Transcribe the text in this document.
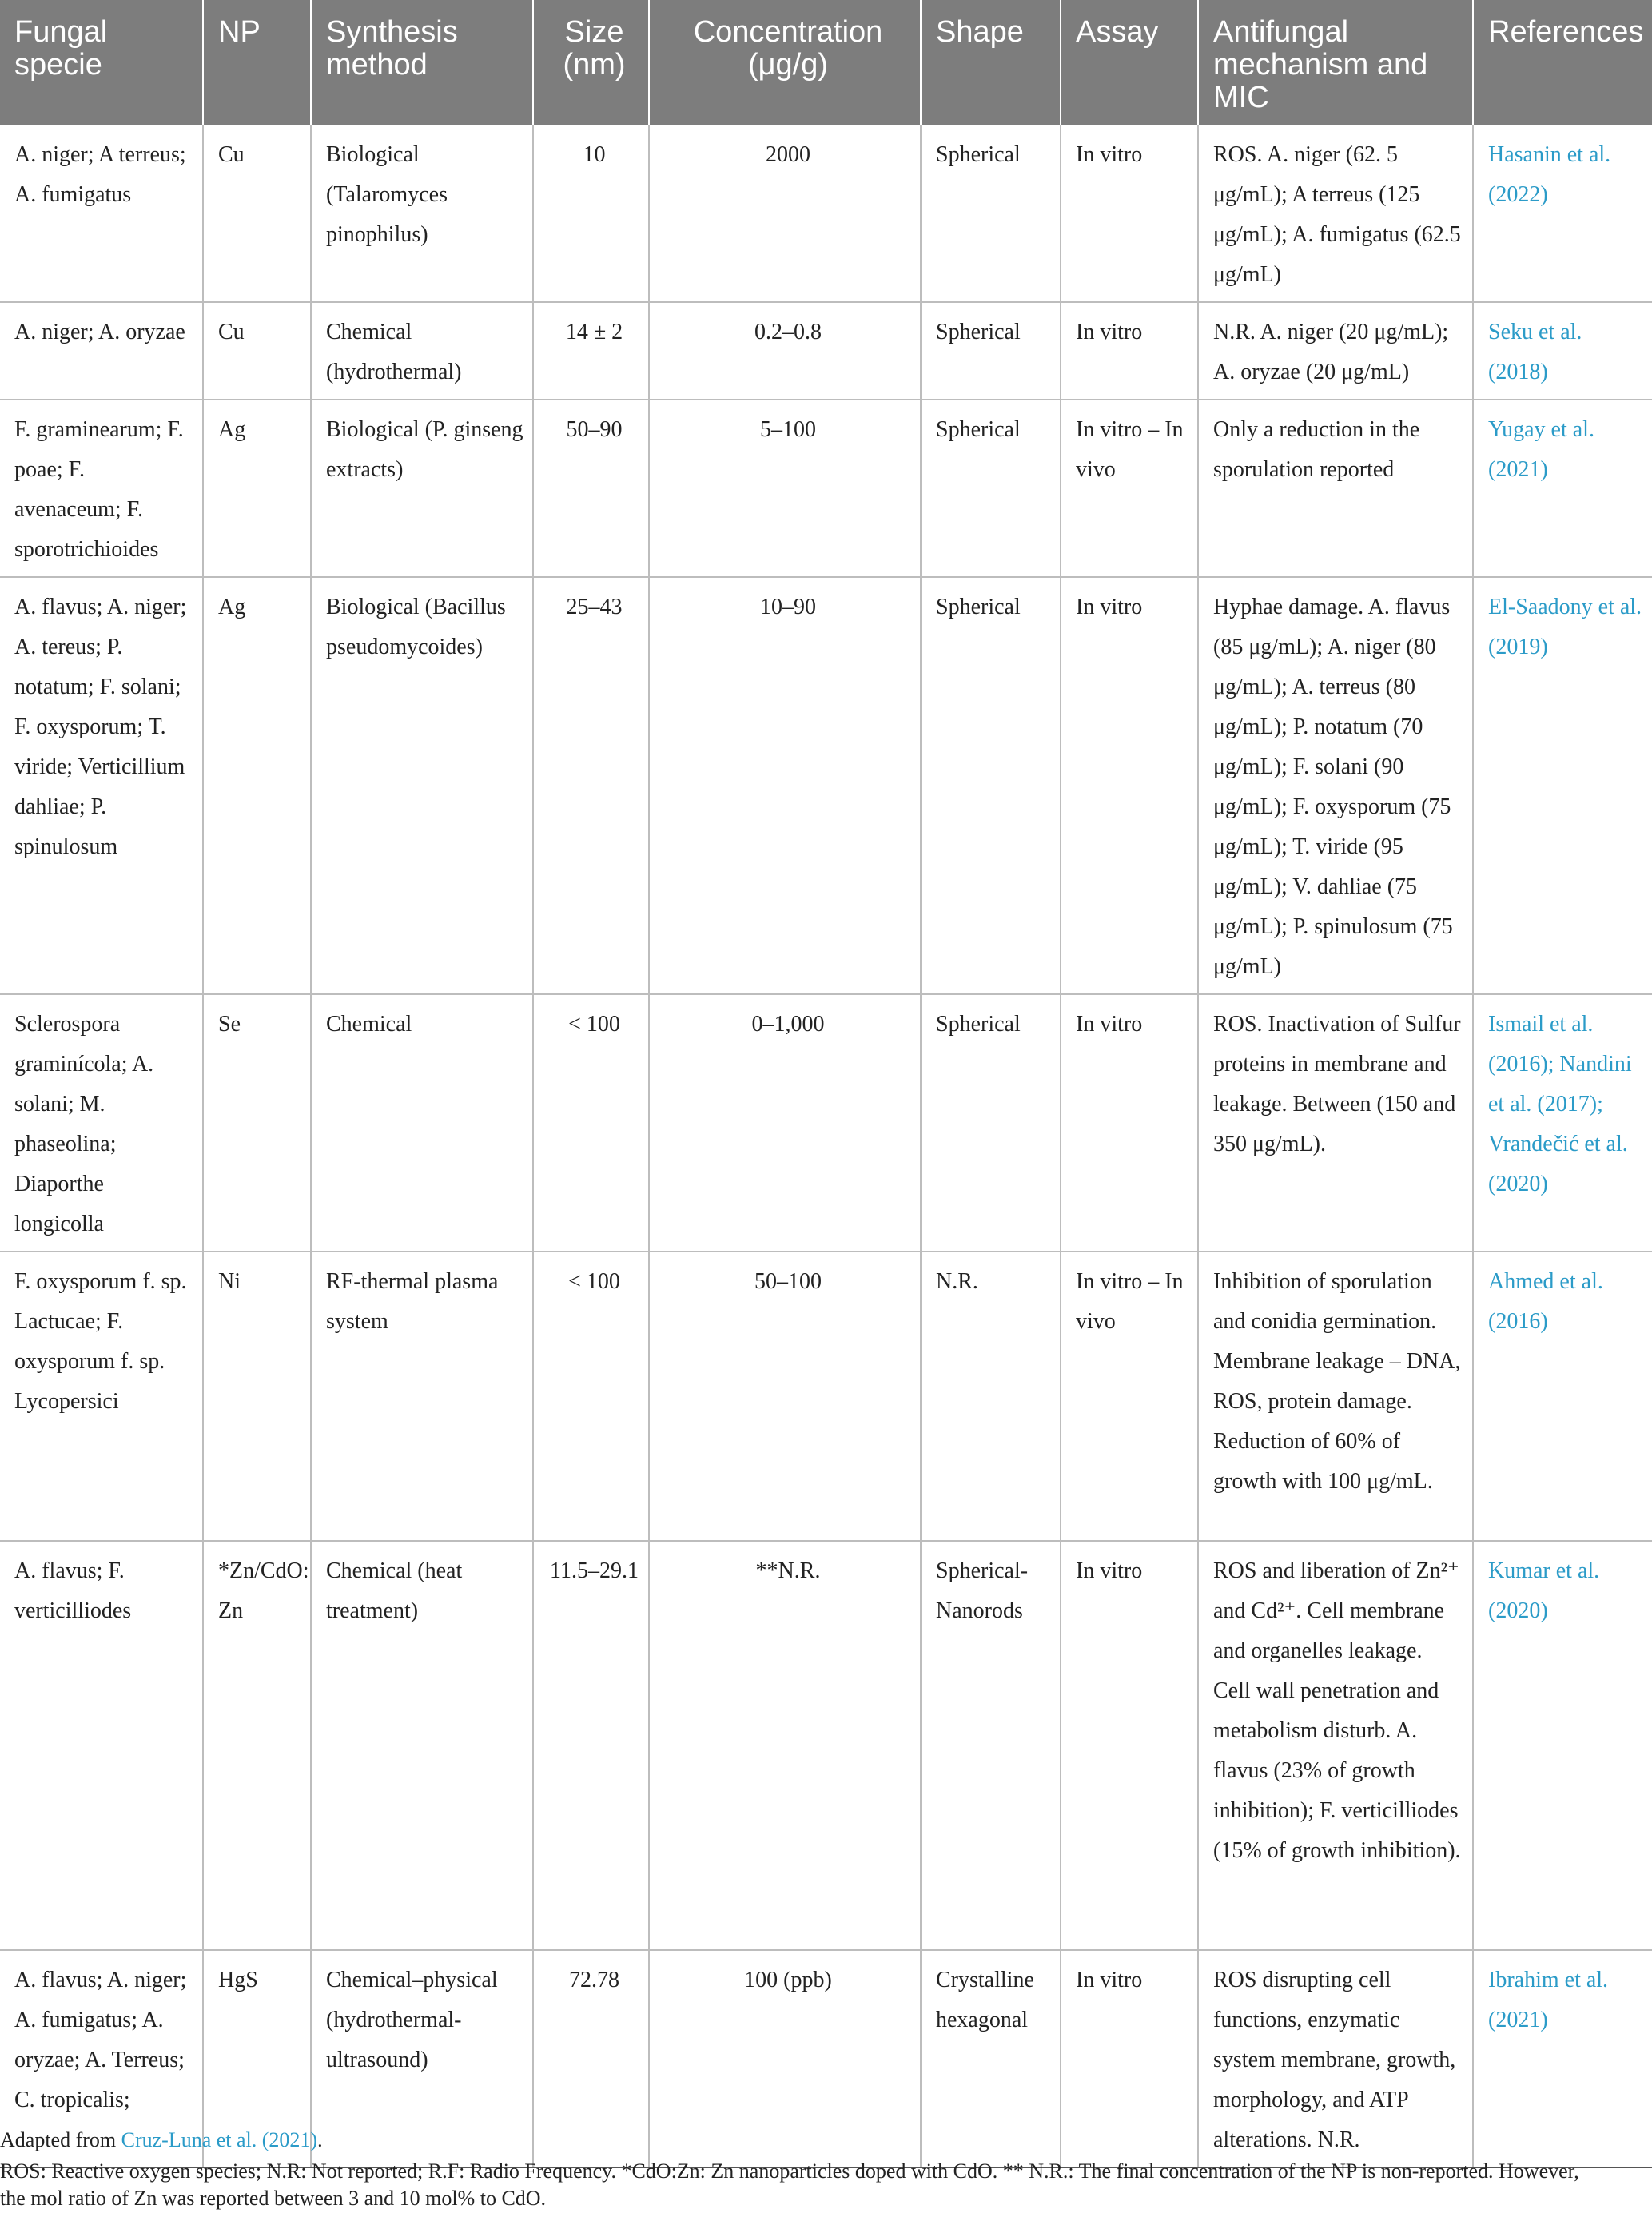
Fungal specie	NP	Synthesis method	Size (nm)	Concentration (μg/g)	Shape	Assay	Antifungal mechanism and MIC	References
A. niger; A terreus; A. fumigatus	Cu	Biological (Talaromyces pinophilus)	10	2000	Spherical	In vitro	ROS. A. niger (62. 5 μg/mL); A terreus (125 μg/mL); A. fumigatus (62.5 μg/mL)	Hasanin et al. (2022)
A. niger; A. oryzae	Cu	Chemical (hydrothermal)	14 ± 2	0.2–0.8	Spherical	In vitro	N.R. A. niger (20 μg/mL); A. oryzae (20 μg/mL)	Seku et al. (2018)
F. graminearum; F. poae; F. avenaceum; F. sporotrichioides	Ag	Biological (P. ginseng extracts)	50–90	5–100	Spherical	In vitro – In vivo	Only a reduction in the sporulation reported	Yugay et al. (2021)
A. flavus; A. niger; A. tereus; P. notatum; F. solani; F. oxysporum; T. viride; Verticillium dahliae; P. spinulosum	Ag	Biological (Bacillus pseudomycoides)	25–43	10–90	Spherical	In vitro	Hyphae damage. A. flavus (85 μg/mL); A. niger (80 μg/mL); A. terreus (80 μg/mL); P. notatum (70 μg/mL); F. solani (90 μg/mL); F. oxysporum (75 μg/mL); T. viride (95 μg/mL); V. dahliae (75 μg/mL); P. spinulosum (75 μg/mL)	El-Saadony et al. (2019)
Sclerospora graminícola; A. solani; M. phaseolina; Diaporthe longicolla	Se	Chemical	< 100	0–1,000	Spherical	In vitro	ROS. Inactivation of Sulfur proteins in membrane and leakage. Between (150 and 350 μg/mL).	Ismail et al. (2016); Nandini et al. (2017); Vrandečić et al. (2020)
F. oxysporum f. sp. Lactucae; F. oxysporum f. sp. Lycopersici	Ni	RF-thermal plasma system	< 100	50–100	N.R.	In vitro – In vivo	Inhibition of sporulation and conidia germination. Membrane leakage – DNA, ROS, protein damage. Reduction of 60% of growth with 100 μg/mL.	Ahmed et al. (2016)
A. flavus; F. verticilliodes	*Zn/CdO: Zn	Chemical (heat treatment)	11.5–29.1	**N.R.	Spherical-Nanorods	In vitro	ROS and liberation of Zn²⁺ and Cd²⁺. Cell membrane and organelles leakage. Cell wall penetration and metabolism disturb. A. flavus (23% of growth inhibition); F. verticilliodes (15% of growth inhibition).	Kumar et al. (2020)
A. flavus; A. niger; A. fumigatus; A. oryzae; A. Terreus; C. tropicalis;	HgS	Chemical–physical (hydrothermal-ultrasound)	72.78	100 (ppb)	Crystalline hexagonal	In vitro	ROS disrupting cell functions, enzymatic system membrane, growth, morphology, and ATP alterations. N.R.	Ibrahim et al. (2021)
Adapted from Cruz-Luna et al. (2021).
ROS: Reactive oxygen species; N.R: Not reported; R.F: Radio Frequency. *CdO:Zn: Zn nanoparticles doped with CdO. ** N.R.: The final concentration of the NP is non-reported. However,
the mol ratio of Zn was reported between 3 and 10 mol% to CdO.
